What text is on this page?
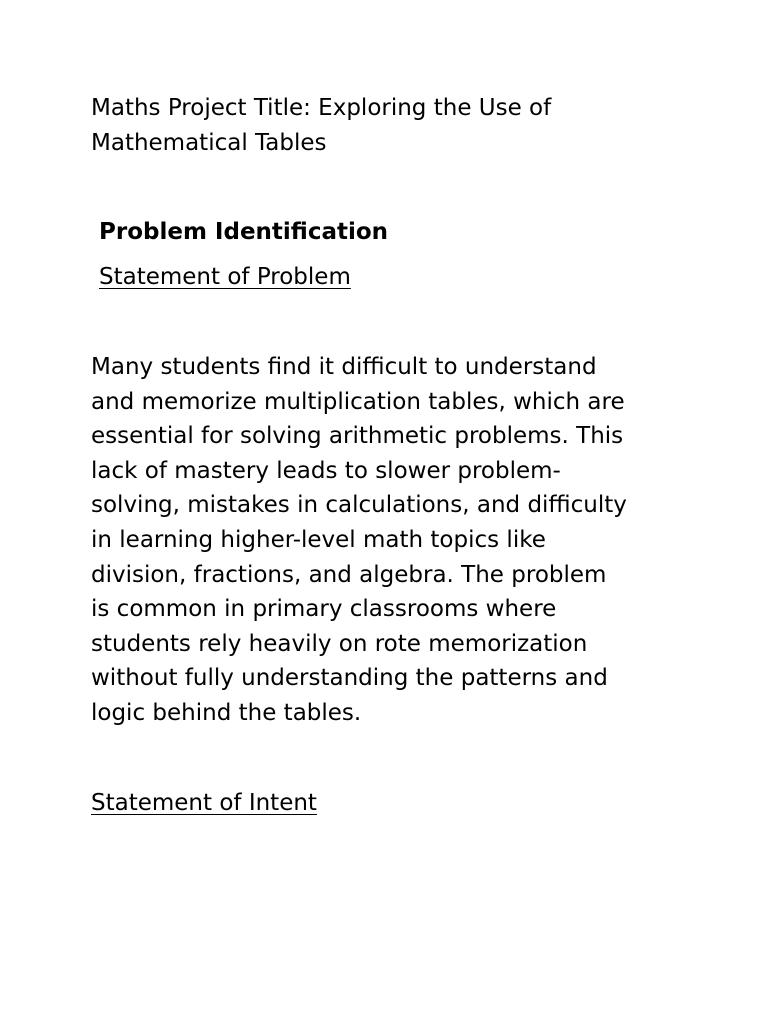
Maths Project Title: Exploring the Use of
Mathematical Tables
Problem Identification
Statement of Problem
Many students find it difficult to understand
and memorize multiplication tables, which are
essential for solving arithmetic problems. This
lack of mastery leads to slower problem-
solving, mistakes in calculations, and difficulty
in learning higher-level math topics like
division, fractions, and algebra. The problem
is common in primary classrooms where
students rely heavily on rote memorization
without fully understanding the patterns and
logic behind the tables.
Statement of Intent
